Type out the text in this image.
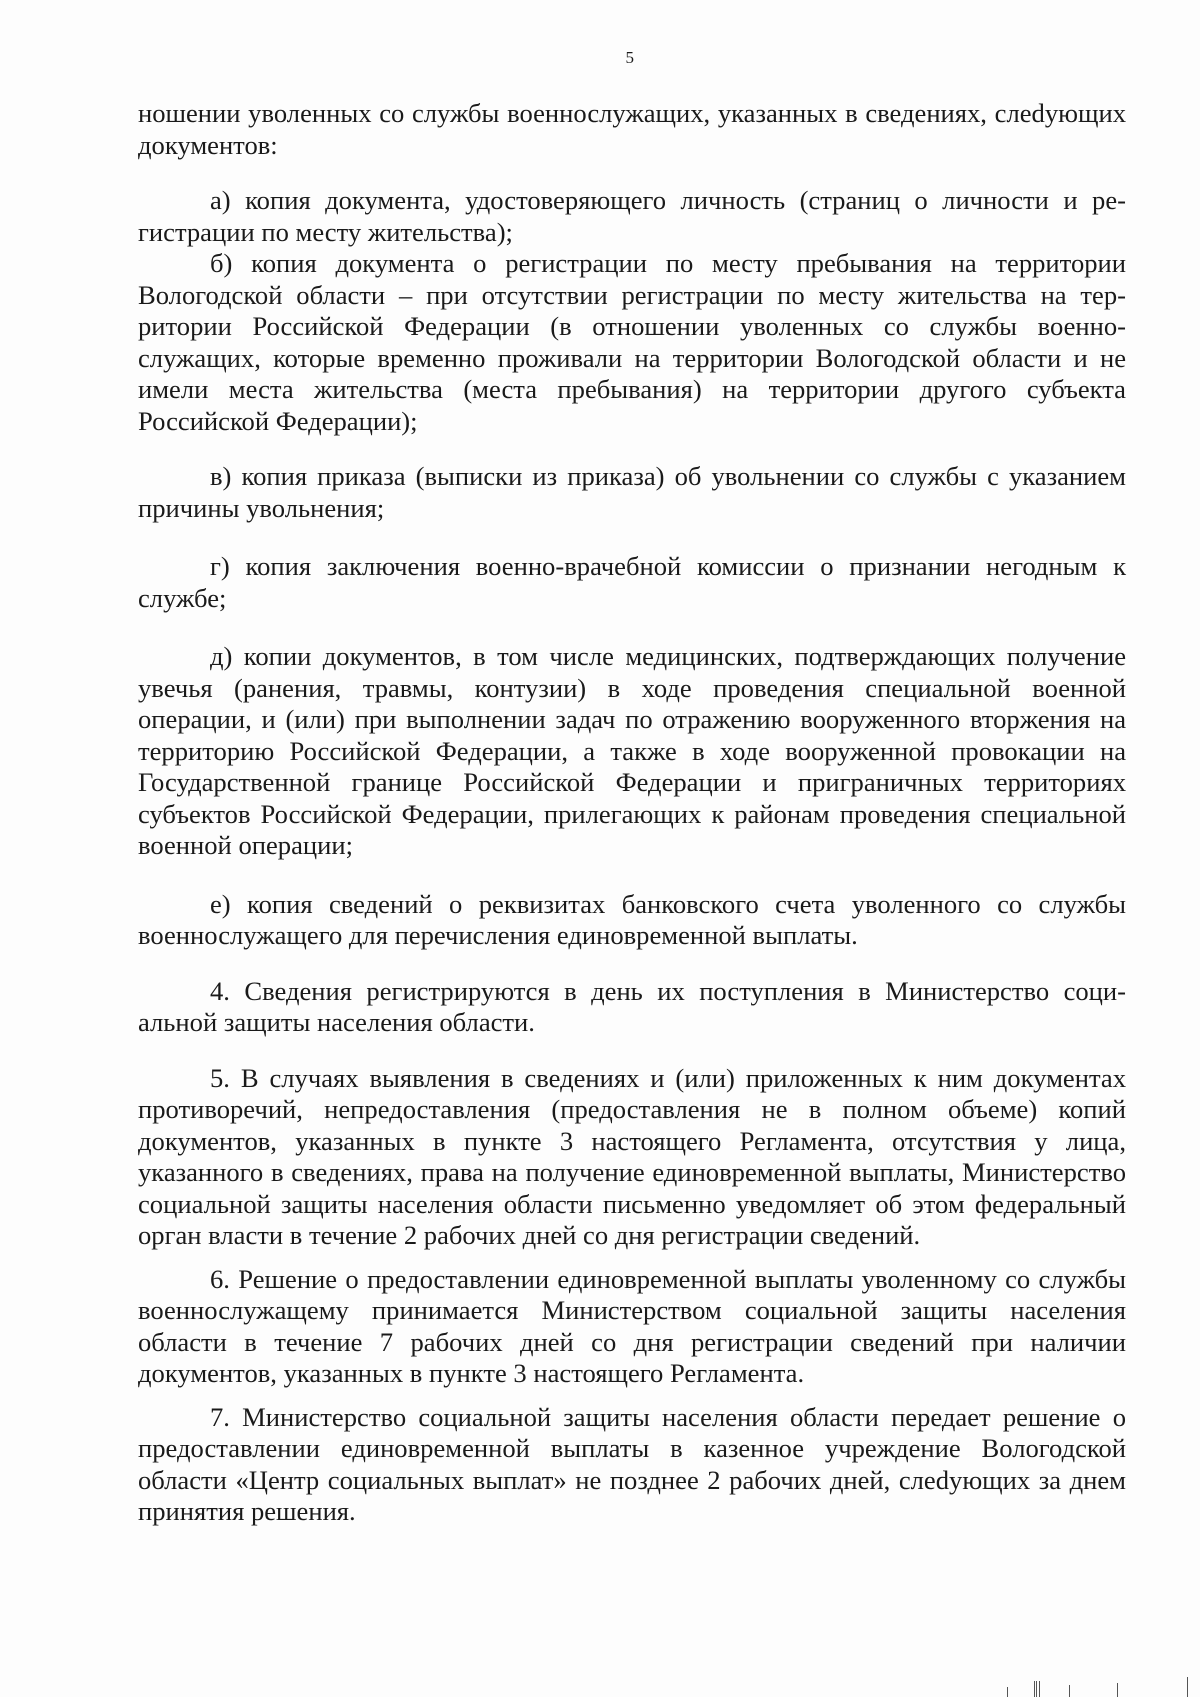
5

ношении уволенных со службы военнослужащих, указанных в сведениях, слеdующих документов:

а) копия документа, удостоверяющего личность (страниц о личности и регистрации по месту жительства);

б) копия документа о регистрации по месту пребывания на территории Вологодской области – при отсутствии регистрации по месту жительства на территории Российской Федерации (в отношении уволенных со службы военнослужащих, которые временно проживали на территории Вологодской области и не имели места жительства (места пребывания) на территории другого субъекта Российской Федерации);

в) копия приказа (выписки из приказа) об увольнении со службы с указанием причины увольнения;

г) копия заключения военно-врачебной комиссии о признании негодным к службе;

д) копии документов, в том числе медицинских, подтверждающих получение увечья (ранения, травмы, контузии) в ходе проведения специальной военной операции, и (или) при выполнении задач по отражению вооруженного вторжения на территорию Российской Федерации, а также в ходе вооруженной провокации на Государственной границе Российской Федерации и приграничных территориях субъектов Российской Федерации, прилегающих к районам проведения специальной военной операции;

е) копия сведений о реквизитах банковского счета уволенного со службы военнослужащего для перечисления единовременной выплаты.

4. Сведения регистрируются в день их поступления в Министерство социальной защиты населения области.

5. В случаях выявления в сведениях и (или) приложенных к ним документах противоречий, непредоставления (предоставления не в полном объеме) копий документов, указанных в пункте 3 настоящего Регламента, отсутствия у лица, указанного в сведениях, права на получение единовременной выплаты, Министерство социальной защиты населения области письменно уведомляет об этом федеральный орган власти в течение 2 рабочих дней со дня регистрации сведений.

6. Решение о предоставлении единовременной выплаты уволенному со службы военнослужащему принимается Министерством социальной защиты населения области в течение 7 рабочих дней со дня регистрации сведений при наличии документов, указанных в пункте 3 настоящего Регламента.

7. Министерство социальной защиты населения области передает решение о предоставлении единовременной выплаты в казенное учреждение Вологодской области «Центр социальных выплат» не позднее 2 рабочих дней, слеdующих за днем принятия решения.
